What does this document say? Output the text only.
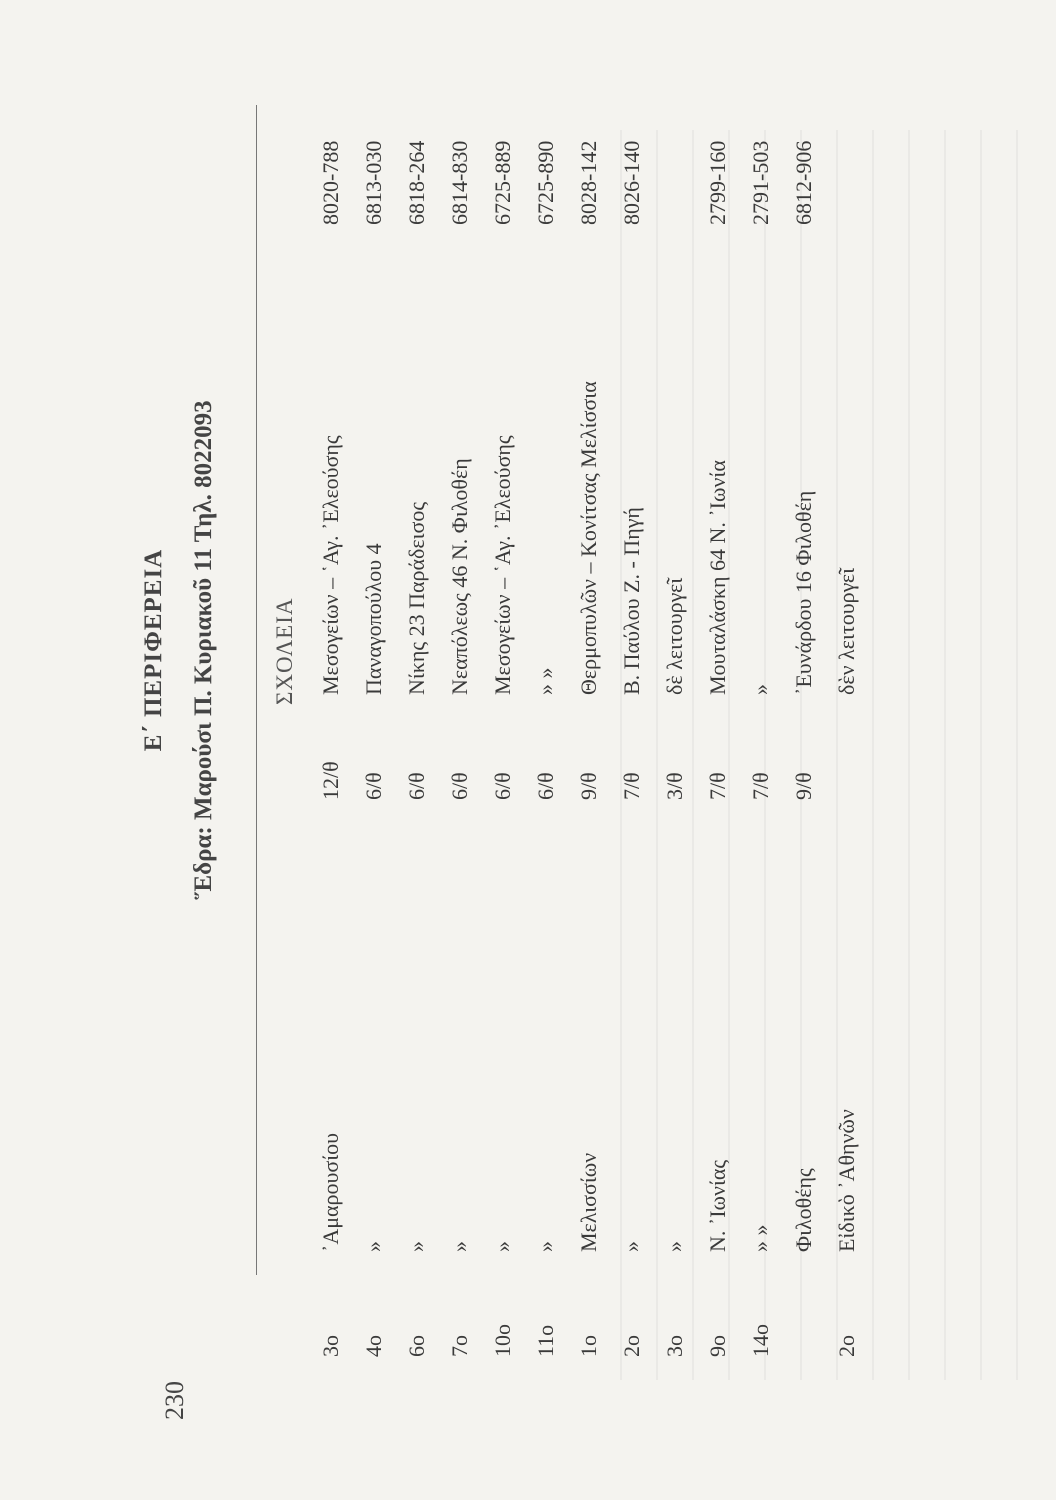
230
Ε΄ ΠΕΡΙΦΕΡΕΙΑ Ἕδρα: Μαρούσι Π. Κυριακοῦ 11 Τηλ. 8022093 ΣΧΟΛΕΙΑ
3ο
᾿Αμαρουσίου
12/θ
Μεσογείων – ῾Αγ. ᾿Ελεούσης
8020-788
4ο
»
6/θ
Παναγοπούλου 4
6813-030
6ο
»
6/θ
Νίκης 23 Παράδεισος
6818-264
7ο
»
6/θ
Νεαπόλεως 46 Ν. Φιλοθέη
6814-830
10ο
»
6/θ
Μεσογείων – ῾Αγ. ᾿Ελεούσης
6725-889
11ο
»
6/θ
» »
6725-890
1ο
Μελισσίων
9/θ
Θερμοπυλῶν – Κονίτσας Μελίσσια
8028-142
2ο
»
7/θ
Β. Παύλου Ζ. - Πηγή
8026-140
3ο
»
3/θ
δὲ λειτουργεῖ
9ο
Ν. ᾿Ιωνίας
7/θ
Μουταλάσκη 64 Ν. ᾿Ιωνία
2799-160
14ο
» »
7/θ
»
2791-503
Φιλοθέης
9/θ
᾿Ευνάρδου 16 Φιλοθέη
6812-906
2ο
Εἰδικὸ ᾿Αθηνῶν
δὲν λειτουργεῖ
